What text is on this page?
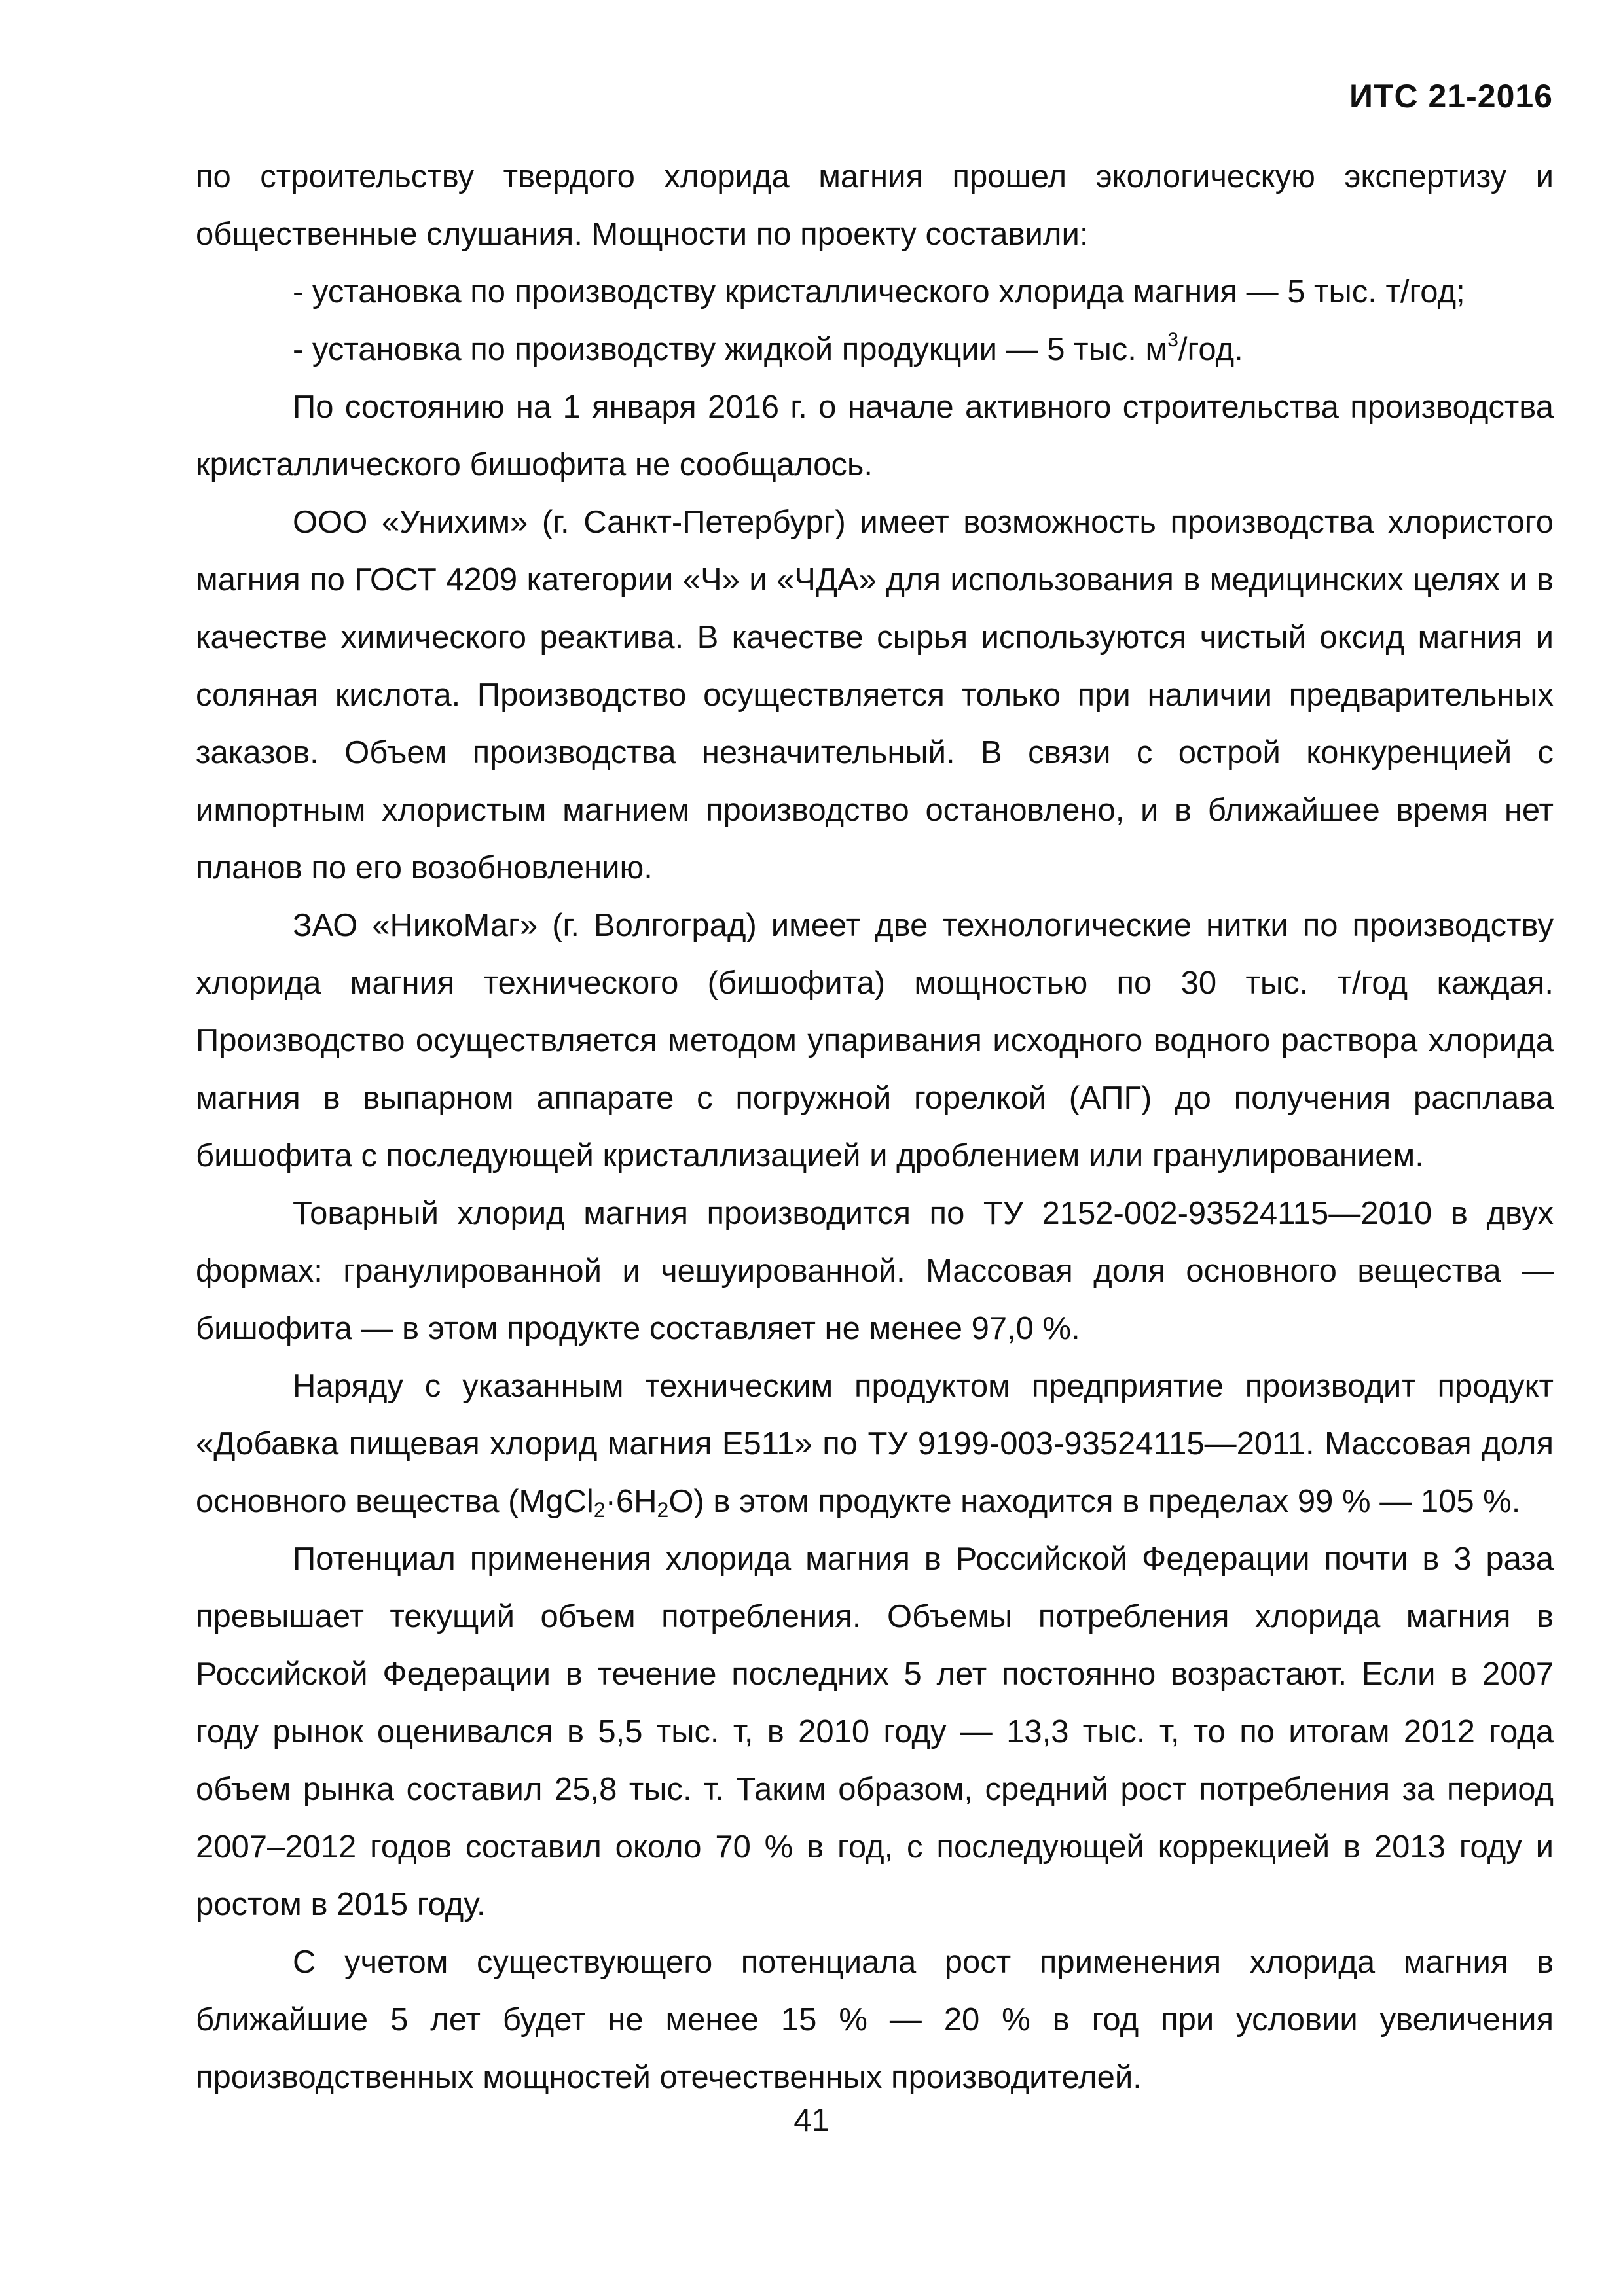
ИТС 21-2016

по строительству твердого хлорида магния прошел экологическую экспертизу и общественные слушания. Мощности по проекту составили:

- установка по производству кристаллического хлорида магния — 5 тыс. т/год;

- установка по производству жидкой продукции — 5 тыс. $м^3$/год.

По состоянию на 1 января 2016 г. о начале активного строительства производства кристаллического бишофита не сообщалось.

ООО «Унихим» (г. Санкт-Петербург) имеет возможность производства хлористого магния по ГОСТ 4209 категории «Ч» и «ЧДА» для использования в медицинских целях и в качестве химического реактива. В качестве сырья используются чистый оксид магния и соляная кислота. Производство осуществляется только при наличии предварительных заказов. Объем производства незначительный. В связи с острой конкуренцией с импортным хлористым магнием производство остановлено, и в ближайшее время нет планов по его возобновлению.

ЗАО «НикоМаг» (г. Волгоград) имеет две технологические нитки по производству хлорида магния технического (бишофита) мощностью по 30 тыс. т/год каждая. Производство осуществляется методом упаривания исходного водного раствора хлорида магния в выпарном аппарате с погружной горелкой (АПГ) до получения расплава бишофита с последующей кристаллизацией и дроблением или гранулированием.

Товарный хлорид магния производится по ТУ 2152-002-93524115—2010 в двух формах: гранулированной и чешуированной. Массовая доля основного вещества — бишофита — в этом продукте составляет не менее 97,0 %.

Наряду с указанным техническим продуктом предприятие производит продукт «Добавка пищевая хлорид магния Е511» по ТУ 9199-003-93524115—2011. Массовая доля основного вещества $(MgCl_2\cdot 6H_2O)$ в этом продукте находится в пределах 99 % — 105 %.

Потенциал применения хлорида магния в Российской Федерации почти в 3 раза превышает текущий объем потребления. Объемы потребления хлорида магния в Российской Федерации в течение последних 5 лет постоянно возрастают. Если в 2007 году рынок оценивался в 5,5 тыс. т, в 2010 году — 13,3 тыс. т, то по итогам 2012 года объем рынка составил 25,8 тыс. т. Таким образом, средний рост потребления за период 2007–2012 годов составил около 70 % в год, с последующей коррекцией в 2013 году и ростом в 2015 году.

С учетом существующего потенциала рост применения хлорида магния в ближайшие 5 лет будет не менее 15 % — 20 % в год при условии увеличения производственных мощностей отечественных производителей.

41
